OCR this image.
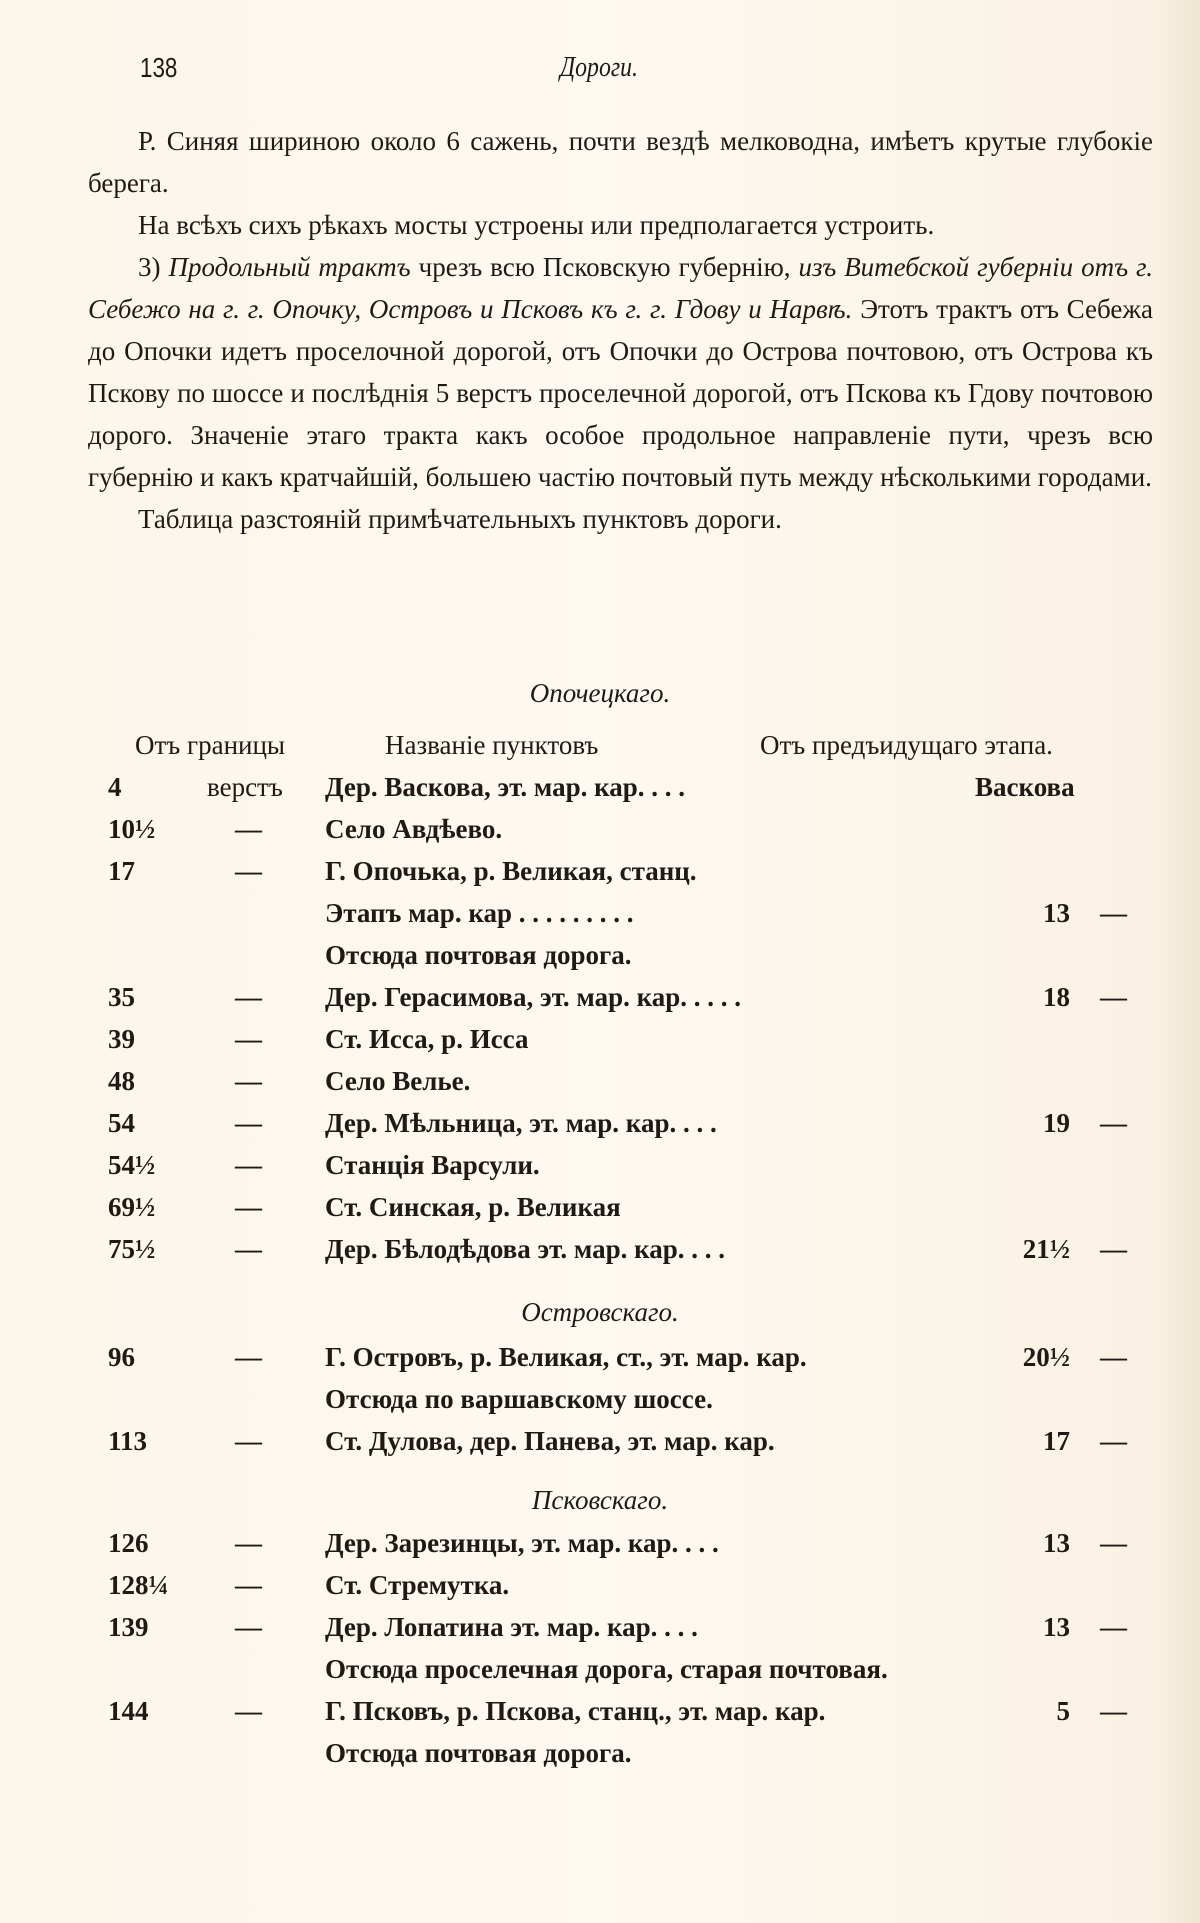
138	Дороги.

Р. Синяя шириною около 6 сажень, почти вездѣ мелководна, имѣетъ крутые глубокіе берега.

На всѣхъ сихъ рѣкахъ мосты устроены или предполагается устроить.

3) Продольный трактъ чрезъ всю Псковскую губернію, изъ Витебской губерніи отъ г. Себежо на г. г. Опочку, Островъ и Псковъ къ г. г. Гдову и Нарвѣ. Этотъ трактъ отъ Себежа до Опочки идетъ проселочной дорогой, отъ Опочки до Острова почтовою, отъ Острова къ Пскову по шоссе и послѣднія 5 верстъ проселечной дорогой, отъ Пскова къ Гдову почтовою дорого. Значеніе этаго тракта какъ особое продольное направленіе пути, чрезъ всю губернію и какъ кратчайшій, большею частію почтовый путь между нѣсколькими городами.

Таблица разстояній примѣчательныхъ пунктовъ дороги.

Опочецкаго.
Отъ границы	Названіе пунктовъ	Отъ предъидущаго этапа.
4	верстъ Дер. Васкова, эт. мар. кар. . . .	Васкова
10½	— Село Авдѣево.
17	— Г. Опочька, р. Великая, станц.
Этапъ мар. кар . . . . . . . . .	13 —
Отсюда почтовая дорога.
35	— Дер. Герасимова, эт. мар. кар. . . . .	18 —
39	— Ст. Исса, р. Исса
48	— Село Велье.
54	— Дер. Мѣльница, эт. мар. кар. . . .	19 —
54½	— Станція Варсули.
69½	— Ст. Синская, р. Великая
75½	— Дер. Бѣлодѣдова эт. мар. кар. . . .	21½ —
96	— Г. Островъ, р. Великая, ст., эт. мар. кар.	20½ —
Отсюда по варшавскому шоссе.
113	— Ст. Дулова, дер. Панева, эт. мар. кар.	17 —
126	— Дер. Зарезинцы, эт. мар. кар. . . .	13 —
128¼ — Ст. Стремутка.
139	— Дер. Лопатина эт. мар. кар. . . .	13 —
Отсюда проселечная дорога, старая почтовая.
144	— Г. Псковъ, р. Псковa, станц., эт. мар. кар.	5 —
Отсюда почтовая дорога.
Островскаго.
Псковскаго.
